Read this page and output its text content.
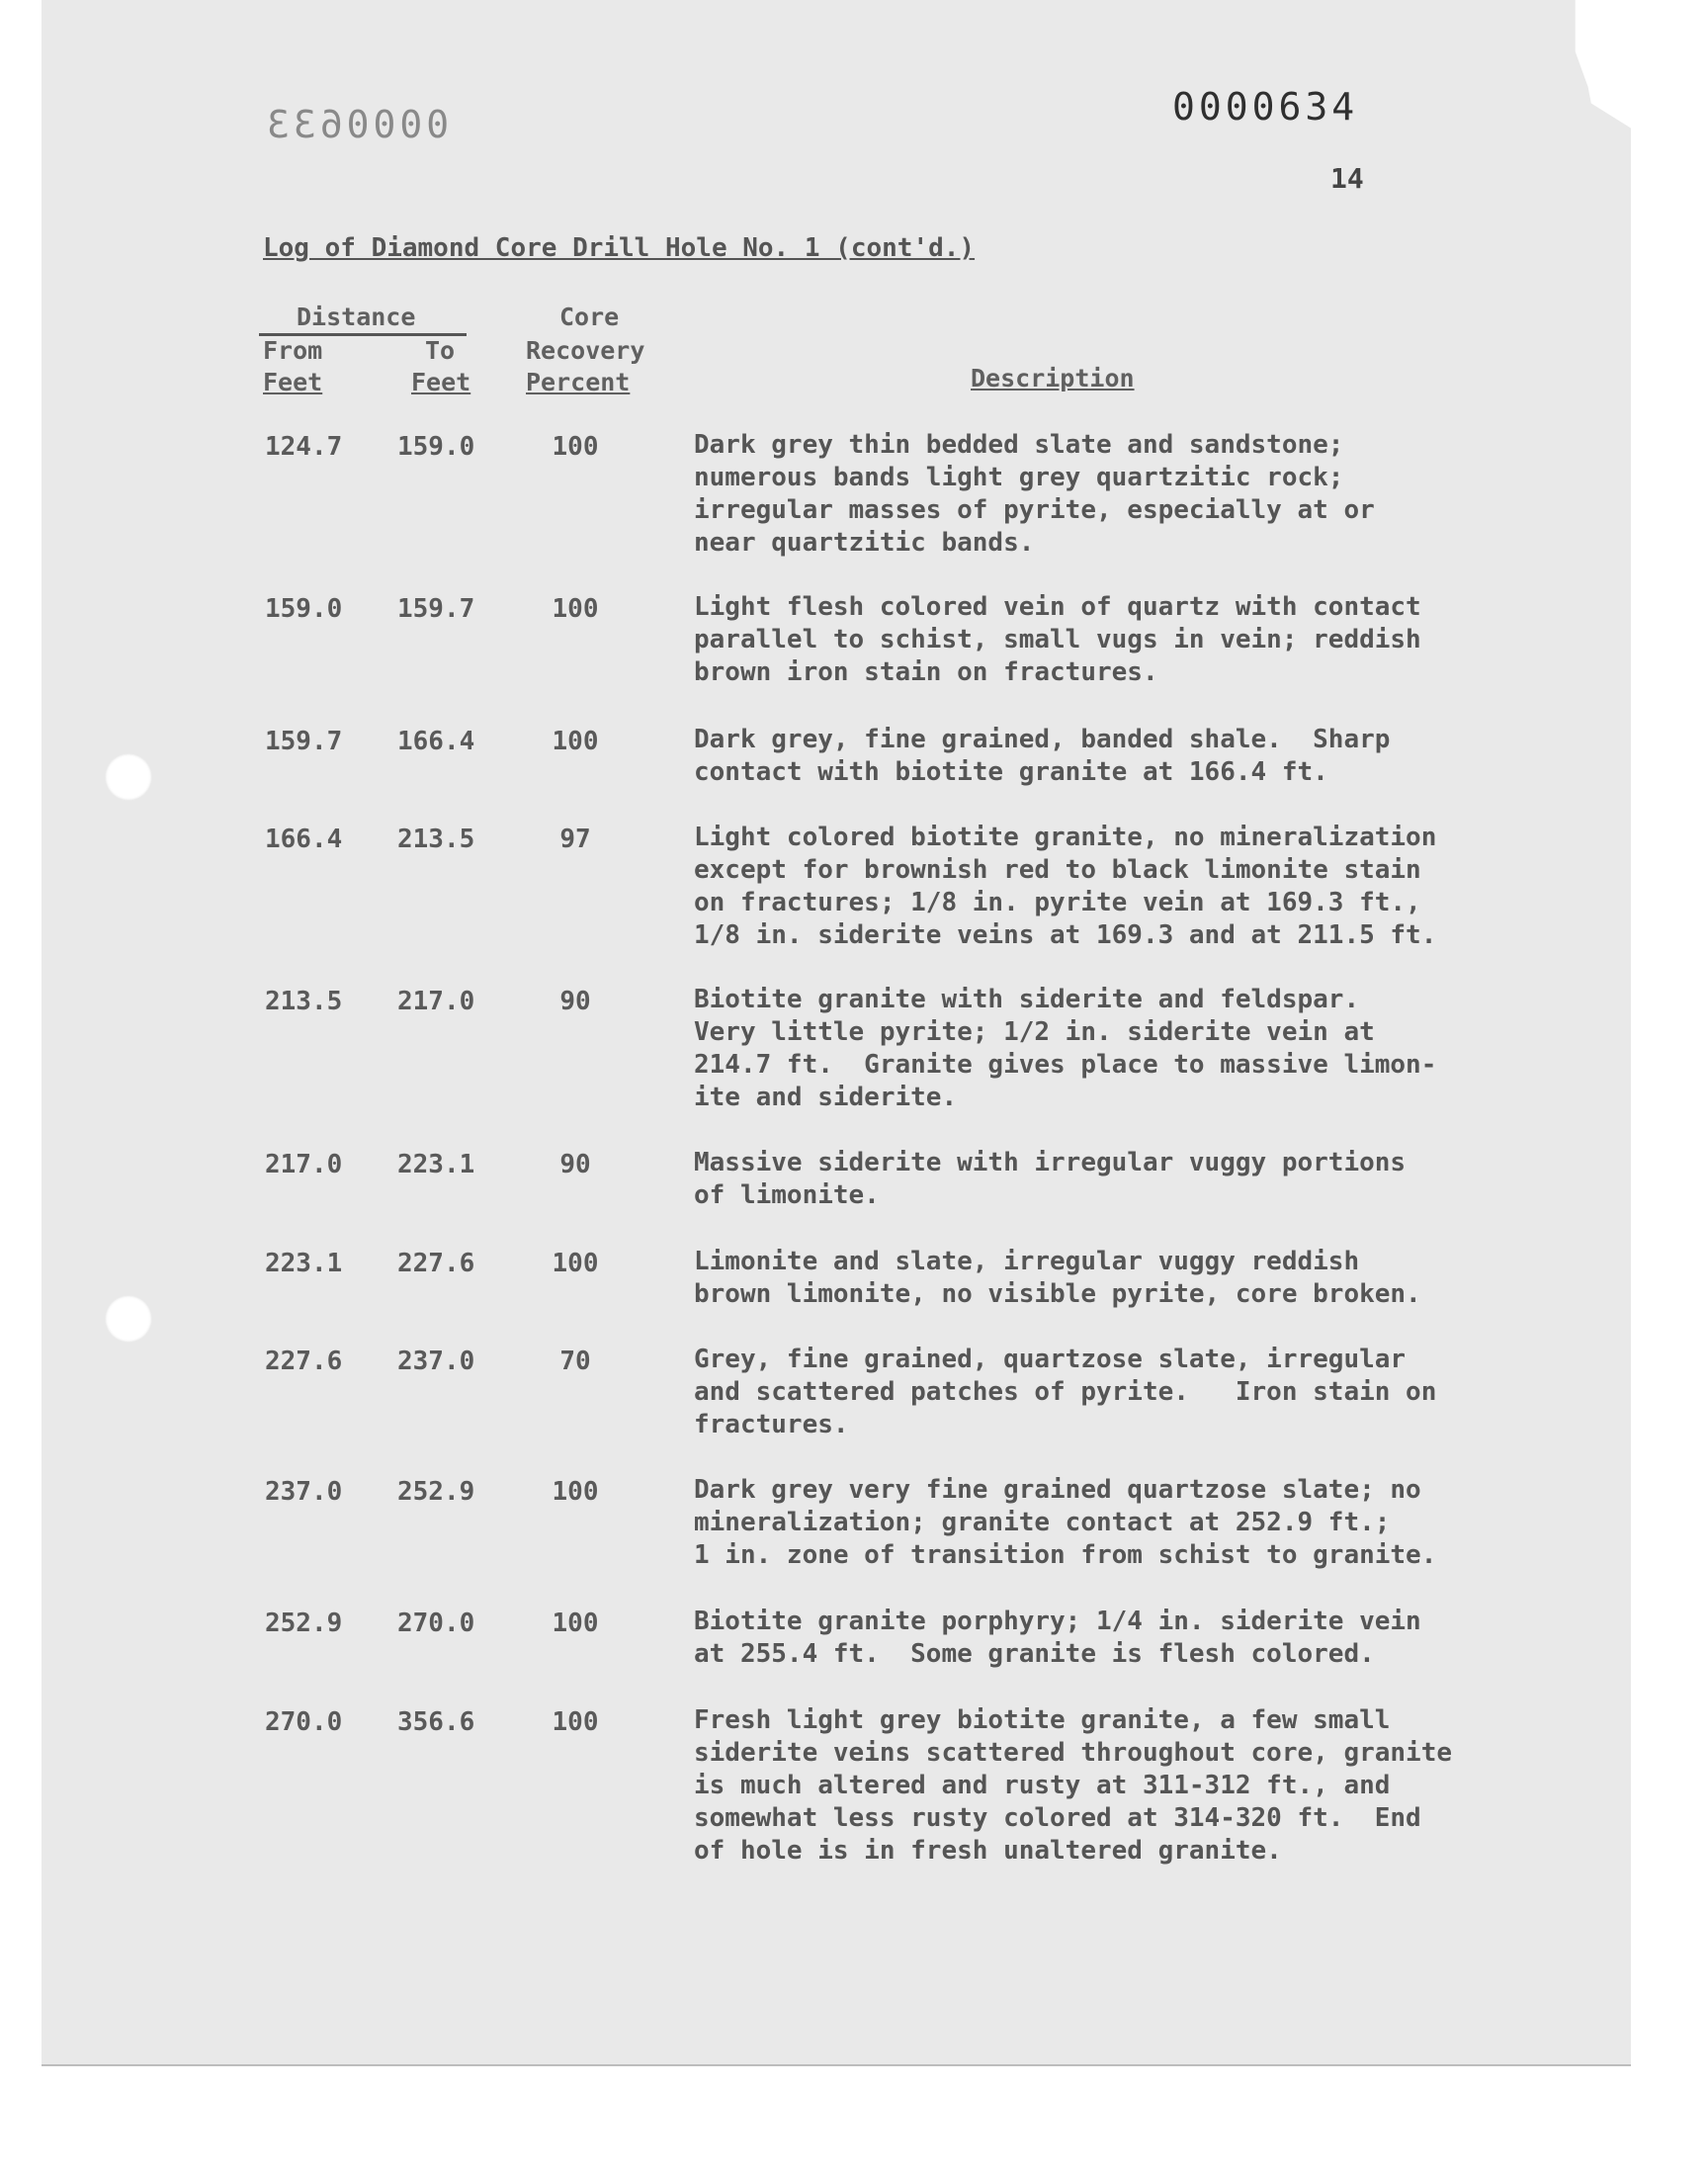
0000633	0000634
14
Log of Diamond Core Drill Hole No. 1 (cont'd.)
Distance
From	To
Feet	Feet
Core
Recovery
Percent	Description
124.7 159.0	100	Dark grey thin bedded slate and sandstone;
numerous bands light grey quartzitic rock;
irregular masses of pyrite, especially at or
near quartzitic bands.
159.0 159.7	100	Light flesh colored vein of quartz with contact
parallel to schist, small vugs in vein; reddish
brown iron stain on fractures.
159.7 166.4	100	Dark grey, fine grained, banded shale.  Sharp
contact with biotite granite at 166.4 ft.
166.4 213.5	97	Light colored biotite granite, no mineralization
except for brownish red to black limonite stain
on fractures; 1/8 in. pyrite vein at 169.3 ft.,
1/8 in. siderite veins at 169.3 and at 211.5 ft.
213.5 217.0	90	Biotite granite with siderite and feldspar.
Very little pyrite; 1/2 in. siderite vein at
214.7 ft.  Granite gives place to massive limon-
ite and siderite.
217.0 223.1	90	Massive siderite with irregular vuggy portions
of limonite.
223.1 227.6	100	Limonite and slate, irregular vuggy reddish
brown limonite, no visible pyrite, core broken.
227.6 237.0	70	Grey, fine grained, quartzose slate, irregular
and scattered patches of pyrite.   Iron stain on
fractures.
237.0 252.9	100	Dark grey very fine grained quartzose slate; no
mineralization; granite contact at 252.9 ft.;
1 in. zone of transition from schist to granite.
252.9 270.0	100	Biotite granite porphyry; 1/4 in. siderite vein
at 255.4 ft.  Some granite is flesh colored.
270.0 356.6	100	Fresh light grey biotite granite, a few small
siderite veins scattered throughout core, granite
is much altered and rusty at 311-312 ft., and
somewhat less rusty colored at 314-320 ft.  End
of hole is in fresh unaltered granite.
